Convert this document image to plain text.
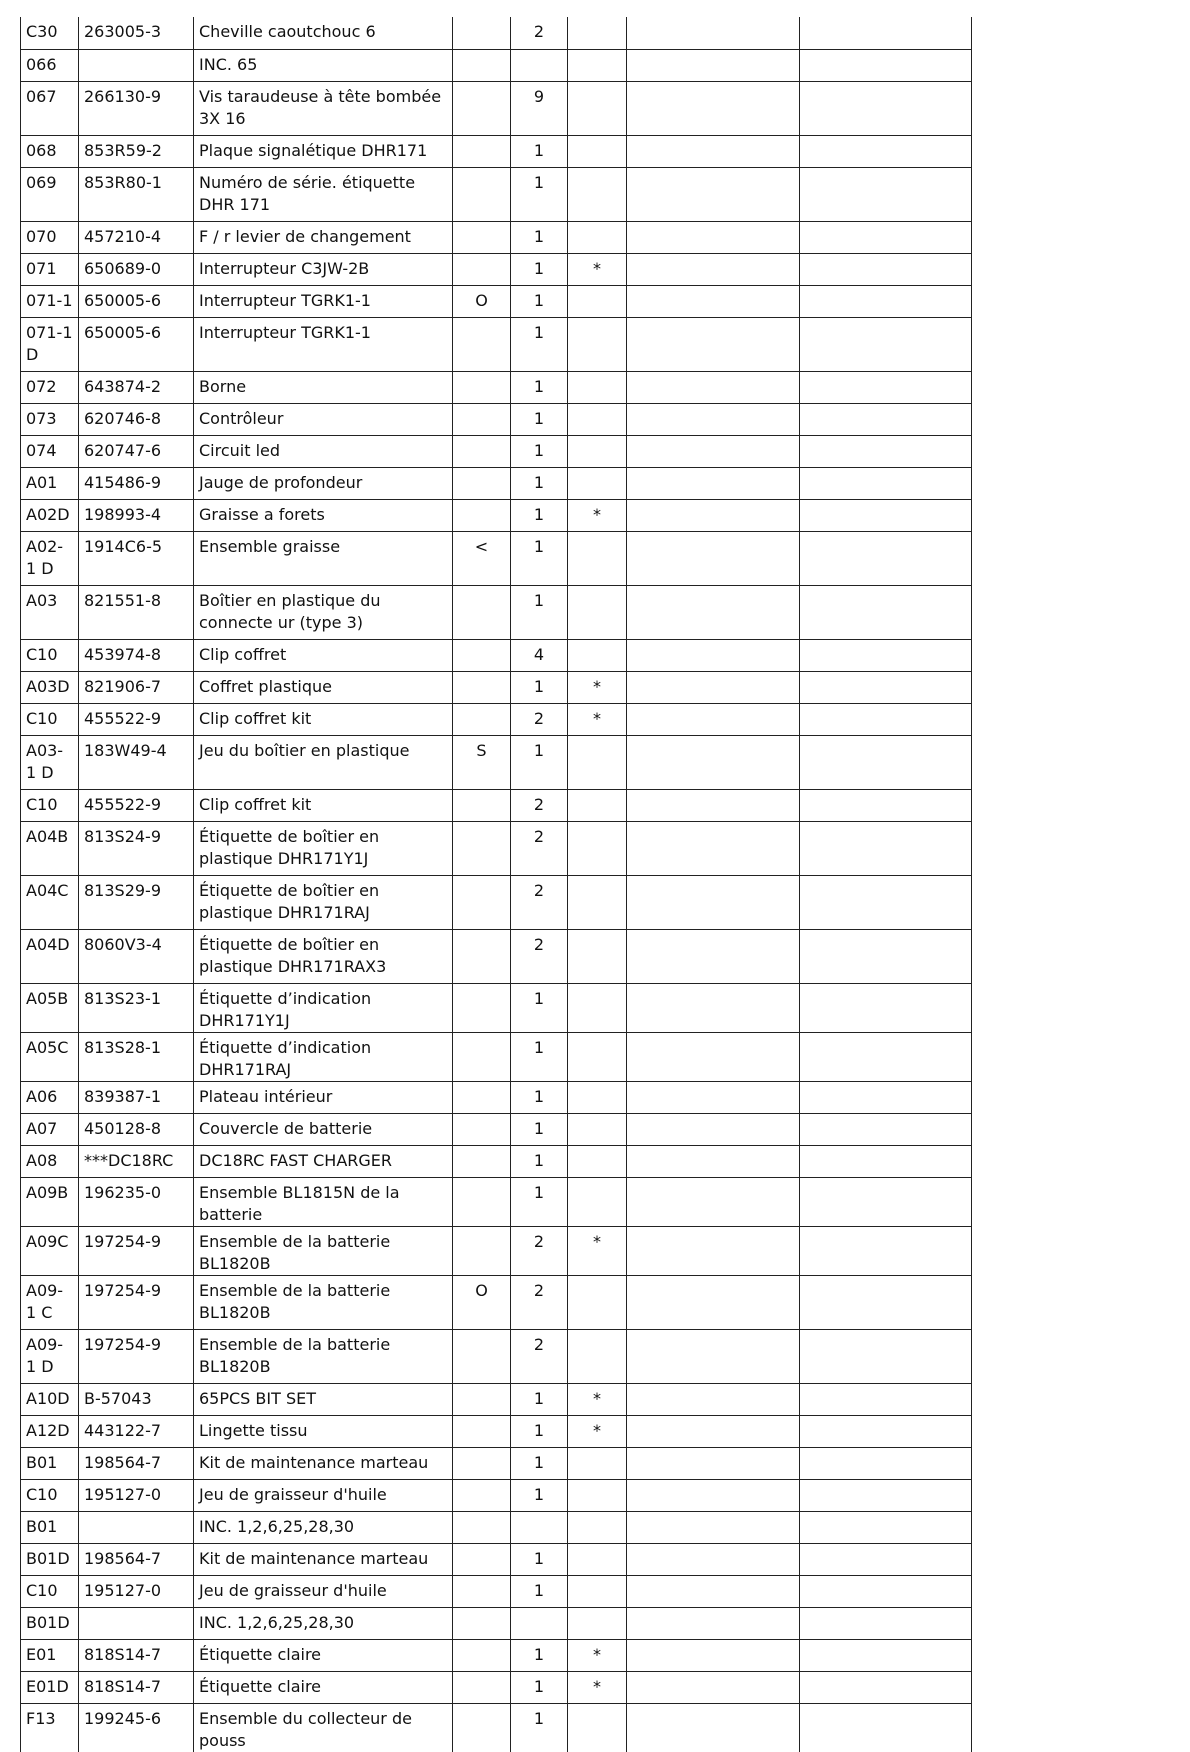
C30	263005-3	Cheville caoutchouc 6		2			
066		INC. 65					
067	266130-9	Vis taraudeuse à tête bombée 3X 16		9			
068	853R59-2	Plaque signalétique DHR171		1			
069	853R80-1	Numéro de série. étiquette DHR 171		1			
070	457210-4	F / r levier de changement		1			
071	650689-0	Interrupteur C3JW-2B		1	*		
071-1	650005-6	Interrupteur TGRK1-1	O	1			
071-1 D	650005-6	Interrupteur TGRK1-1		1			
072	643874-2	Borne		1			
073	620746-8	Contrôleur		1			
074	620747-6	Circuit led		1			
A01	415486-9	Jauge de profondeur		1			
A02D	198993-4	Graisse a forets		1	*		
A02-1 D	1914C6-5	Ensemble graisse	<	1			
A03	821551-8	Boîtier en plastique du connecte ur (type 3)		1			
C10	453974-8	Clip coffret		4			
A03D	821906-7	Coffret plastique		1	*		
C10	455522-9	Clip coffret kit		2	*		
A03-1 D	183W49-4	Jeu du boîtier en plastique	S	1			
C10	455522-9	Clip coffret kit		2			
A04B	813S24-9	Étiquette de boîtier en plastique DHR171Y1J		2			
A04C	813S29-9	Étiquette de boîtier en plastique DHR171RAJ		2			
A04D	8060V3-4	Étiquette de boîtier en plastique DHR171RAX3		2			
A05B	813S23-1	Étiquette d’indication DHR171Y1J		1			
A05C	813S28-1	Étiquette d’indication DHR171RAJ		1			
A06	839387-1	Plateau intérieur		1			
A07	450128-8	Couvercle de batterie		1			
A08	***DC18RC	DC18RC FAST CHARGER		1			
A09B	196235-0	Ensemble BL1815N de la batterie		1			
A09C	197254-9	Ensemble de la batterie BL1820B		2	*		
A09-1 C	197254-9	Ensemble de la batterie BL1820B	O	2			
A09-1 D	197254-9	Ensemble de la batterie BL1820B		2			
A10D	B-57043	65PCS BIT SET		1	*		
A12D	443122-7	Lingette tissu		1	*		
B01	198564-7	Kit de maintenance marteau		1			
C10	195127-0	Jeu de graisseur d'huile		1			
B01		INC. 1,2,6,25,28,30					
B01D	198564-7	Kit de maintenance marteau		1			
C10	195127-0	Jeu de graisseur d'huile		1			
B01D		INC. 1,2,6,25,28,30					
E01	818S14-7	Étiquette claire		1	*		
E01D	818S14-7	Étiquette claire		1	*		
F13	199245-6	Ensemble du collecteur de pouss		1			
